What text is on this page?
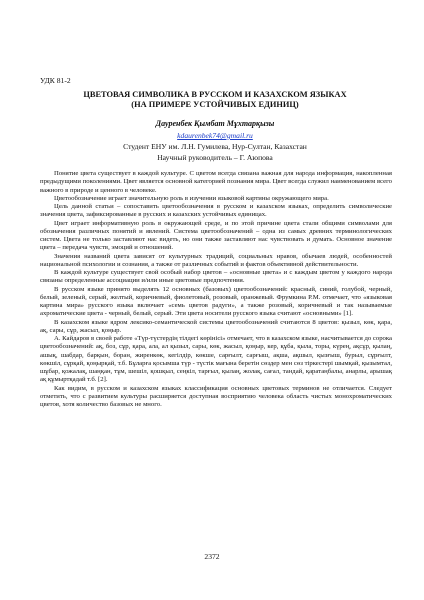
УДК 81-2
ЦВЕТОВАЯ СИМВОЛИКА В РУССКОМ И КАЗАХСКОМ ЯЗЫКАХ
(НА ПРИМЕРЕ УСТОЙЧИВЫХ ЕДИНИЦ)
Дауренбек Қымбат Мұхтарқызы
kdaurenbek74@gmail.ru
Студент ЕНУ им. Л.Н. Гумилева, Нур-Султан, Казахстан
Научный руководитель – Г. Аюпова

Понятие цвета существует в каждой культуре. С цветом всегда связана важная для народа информация, накопленная предыдущими поколениями. Цвет является основной категорией познания мира. Цвет всегда служил наименованием всего важного в природе и ценного в человеке.

Цветообозначение играет значительную роль в изучении языковой картины окружающего мира.

Цель данной статьи – сопоставить цветообозначения в русском и казахском языках, определить символические значения цвета, зафиксированные в русских и казахских устойчивых единицах.

Цвет играет информативную роль в окружающей среде, и по этой причине цвета стали общими символами для обозначения различных понятий и явлений. Система цветообозначений – одна из самых древних терминологических систем. Цвета не только заставляют нас видеть, но они также заставляют нас чувствовать и думать. Основное значение цвета – передача чувств, эмоций и отношений.

Значения названий цвета зависят от культурных традиций, социальных нравов, обычаев людей, особенностей национальной психологии и сознания, а также от различных событий и фактов объективной действительности.

В каждой культуре существует свой особый набор цветов – «основные цвета» и с каждым цветом у каждого народа связаны определенные ассоциации и/или иные цветовые предпочтения.

В русском языке принято выделять 12 основных (базовых) цветообозначений: красный, синий, голубой, черный, белый, зеленый, серый, желтый, коричневый, фиолетовый, розовый, оранжевый. Фрумкина Р.М. отмечает, что «языковая картина мира» русского языка включает «семь цветов радуги», а также розовый, коричневый и так называемые ахроматические цвета - черный, белый, серый. Эти цвета носители русского языка считают «основными» [1].

В казахском языке ядром лексико-семантической системы цветообозначений считаются 8 цветов: қызыл, көк, қара, ақ, сары, сұр, жасыл, қоңыр.

А. Кайдаров в своей работе «Түр-түстердің тілдегі көрінісі» отмечает, что в казахском языке, насчитывается до сорока цветообозначений: ақ, боз, сұр, қара, ала, ал қызыл, сары, көк, жасыл, қоңыр, кер, құба, қыла, торы, күрең, ақсұр, қылаң, ашық, шабдар, барқын, боран, жиренкөк, кегілдір, көкше, сарғылт, сарғыш, ақша, ақшыл, қызғыш, бурыл, сұрғылт, көкшіл, сұрқай, қоңырқай, т.б. Бұларға қосымша түр - түстік мағына беретін сөздер мен сөз тіркестері шымқай, қызымтал, шұбар, қожалақ, шаңқан, тұм, шешіл, қошқыл, сеңкіл, тарғыл, қылаң, жолақ, сағал, тандай, қаратаңбалы, анарлы, арышақ ақ құмыртқадай т.б. [2].

Как видим, в русском и казахском языках классификация основных цветовых терминов не отличается. Следует отметить, что с развитием культуры расширяется доступная восприятию человека область чистых монохроматических цветов, хотя количество базовых не много.

2372
